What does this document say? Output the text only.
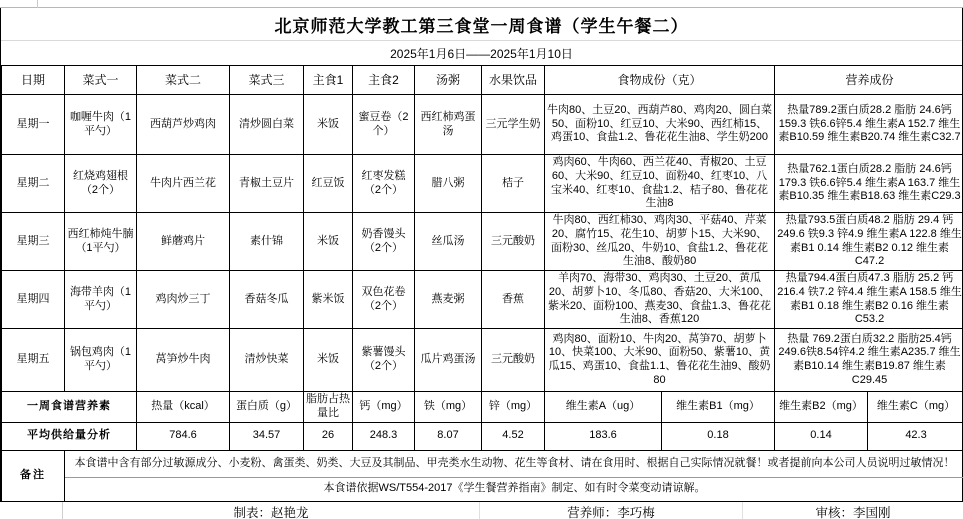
北京师范大学教工第三食堂一周食谱（学生午餐二）
2025年1月6日——2025年1月10日
日期	菜式一	菜式二	菜式三	主食1	主食2	汤粥	水果饮品	食物成份（克）		营养成份	
星期一	咖喱牛肉（1平勺）	西葫芦炒鸡肉	清炒圆白菜	米饭	蜜豆卷（2个）	西红柿鸡蛋汤	三元学生奶	牛肉80、土豆20、西葫芦80、鸡肉20、圆白菜50、面粉10、红豆10、大米90、西红柿15、鸡蛋10、食盐1.2、鲁花花生油8、学生奶200		热量789.2蛋白质28.2 脂肪 24.6钙159.3 铁6.6锌5.4 维生素A 152.7 维生素B10.59 维生素B20.74 维生素C32.7	
星期二	红烧鸡翅根（2个）	牛肉片西兰花	青椒土豆片	红豆饭	红枣发糕（2个）	腊八粥	桔子	鸡肉60、牛肉60、西兰花40、青椒20、土豆60、大米90、红豆10、面粉40、红枣10、八宝米40、红枣10、食盐1.2、桔子80、鲁花花生油8		热量762.1蛋白质28.2 脂肪 24.6钙179.3 铁6.6锌5.4 维生素A 163.7 维生素B10.35 维生素B18.63 维生素C29.3	
星期三	西红柿炖牛腩（1平勺）	鲜蘑鸡片	素什锦	米饭	奶香馒头（2个）	丝瓜汤	三元酸奶	牛肉80、西红柿30、鸡肉30、平菇40、芹菜20、腐竹15、花生10、胡萝卜15、大米90、面粉30、丝瓜20、牛奶10、食盐1.2、鲁花花生油8、酸奶80		热量793.5蛋白质48.2 脂肪 29.4 钙249.6 铁9.3 锌4.9 维生素A 122.8 维生素B1 0.14 维生素B2 0.12 维生素C47.2	
星期四	海带羊肉（1平勺）	鸡肉炒三丁	香菇冬瓜	紫米饭	双色花卷（2个）	燕麦粥	香蕉	羊肉70、海带30、鸡肉30、土豆20、黄瓜20、胡萝卜10、冬瓜80、香菇20、大米100、紫米20、面粉100、燕麦30、食盐1.3、鲁花花生油8、香蕉120		热量794.4蛋白质47.3 脂肪 25.2 钙216.4 铁7.2 锌4.4 维生素A 158.5 维生素B1 0.18 维生素B2 0.16 维生素C53.2	
星期五	锅包鸡肉（1平勺）	莴笋炒牛肉	清炒快菜	米饭	紫薯馒头（2个）	瓜片鸡蛋汤	三元酸奶	鸡肉80、面粉10、牛肉20、莴笋70、胡萝卜10、快菜100、大米90、面粉50、紫薯10、黄瓜15、鸡蛋10、食盐1.1、鲁花花生油9、酸奶80		热量 769.2蛋白质32.2 脂肪25.4钙249.6铁8.54锌4.2 维生素A235.7 维生素B10.14 维生素B19.87 维生素C29.45	
一周食谱营养素		热量（kcal）	蛋白质（g）	脂肪占热量比	钙（mg）	铁（mg）	锌（mg）	维生素A（ug）	维生素B1（mg）	维生素B2（mg）	维生素C（mg）
平均供给量分析		784.6	34.57	26	248.3	8.07	4.52	183.6	0.18	0.14	42.3
备注	本食谱中含有部分过敏源成分、小麦粉、禽蛋类、奶类、大豆及其制品、甲壳类水生动物、花生等食材、请在食用时、根据自己实际情况就餐！或者提前向本公司人员说明过敏情况！										
	本食谱依据WS/T554-2017《学生餐营养指南》制定、如有时令菜变动请谅解。										
制表：赵艳龙	营养师：李巧梅	审核：李国刚
